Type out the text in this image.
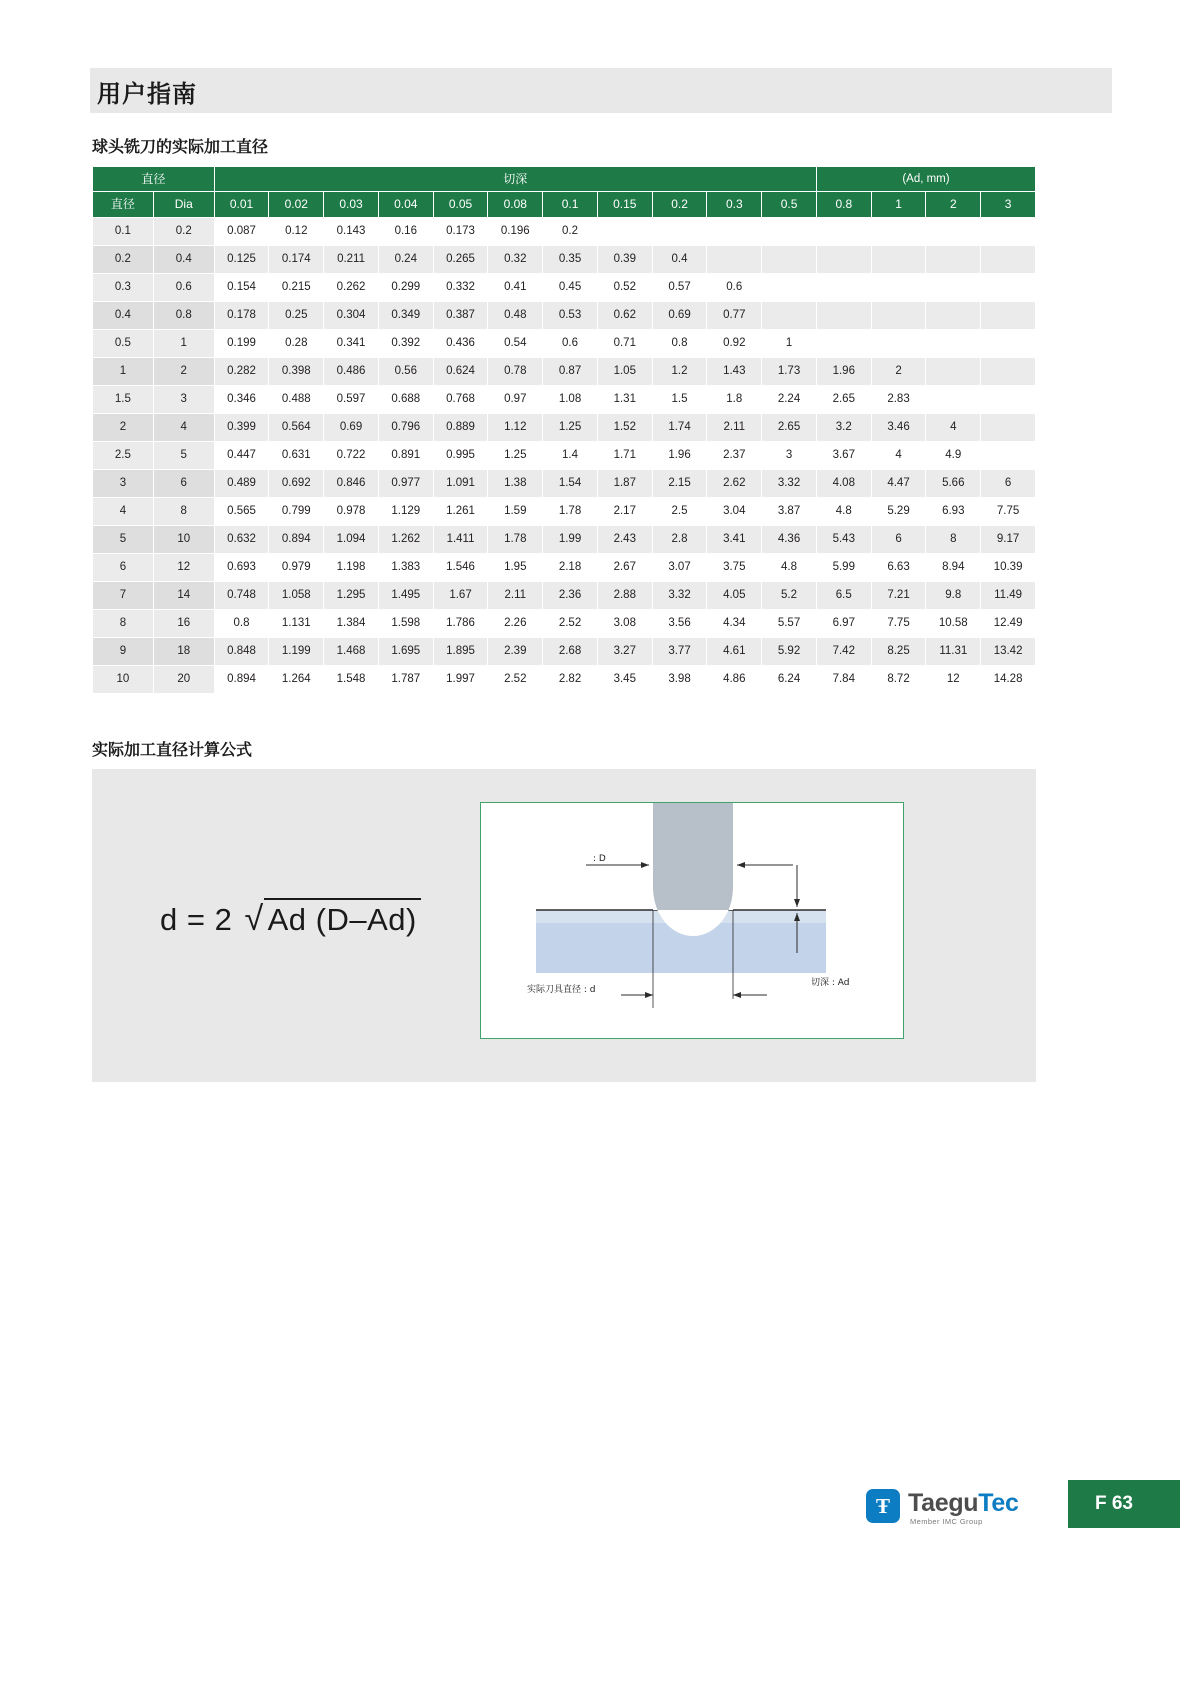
用户指南
球头铣刀的实际加工直径
直径		切深											(Ad, mm)			
直径	Dia	0.01	0.02	0.03	0.04	0.05	0.08	0.1	0.15	0.2	0.3	0.5	0.8	1	2	3
0.1	0.2	0.087	0.12	0.143	0.16	0.173	0.196	0.2								
0.2	0.4	0.125	0.174	0.211	0.24	0.265	0.32	0.35	0.39	0.4						
0.3	0.6	0.154	0.215	0.262	0.299	0.332	0.41	0.45	0.52	0.57	0.6					
0.4	0.8	0.178	0.25	0.304	0.349	0.387	0.48	0.53	0.62	0.69	0.77					
0.5	1	0.199	0.28	0.341	0.392	0.436	0.54	0.6	0.71	0.8	0.92	1				
1	2	0.282	0.398	0.486	0.56	0.624	0.78	0.87	1.05	1.2	1.43	1.73	1.96	2		
1.5	3	0.346	0.488	0.597	0.688	0.768	0.97	1.08	1.31	1.5	1.8	2.24	2.65	2.83		
2	4	0.399	0.564	0.69	0.796	0.889	1.12	1.25	1.52	1.74	2.11	2.65	3.2	3.46	4	
2.5	5	0.447	0.631	0.722	0.891	0.995	1.25	1.4	1.71	1.96	2.37	3	3.67	4	4.9	
3	6	0.489	0.692	0.846	0.977	1.091	1.38	1.54	1.87	2.15	2.62	3.32	4.08	4.47	5.66	6
4	8	0.565	0.799	0.978	1.129	1.261	1.59	1.78	2.17	2.5	3.04	3.87	4.8	5.29	6.93	7.75
5	10	0.632	0.894	1.094	1.262	1.411	1.78	1.99	2.43	2.8	3.41	4.36	5.43	6	8	9.17
6	12	0.693	0.979	1.198	1.383	1.546	1.95	2.18	2.67	3.07	3.75	4.8	5.99	6.63	8.94	10.39
7	14	0.748	1.058	1.295	1.495	1.67	2.11	2.36	2.88	3.32	4.05	5.2	6.5	7.21	9.8	11.49
8	16	0.8	1.131	1.384	1.598	1.786	2.26	2.52	3.08	3.56	4.34	5.57	6.97	7.75	10.58	12.49
9	18	0.848	1.199	1.468	1.695	1.895	2.39	2.68	3.27	3.77	4.61	5.92	7.42	8.25	11.31	13.42
10	20	0.894	1.264	1.548	1.787	1.997	2.52	2.82	3.45	3.98	4.86	6.24	7.84	8.72	12	14.28
实际加工直径计算公式
d = 2 √ Ad (D–Ad)
: D
切深 : Ad
实际刀具直径 : d
Ŧ TaeguTec
Member IMC Group
F 63
